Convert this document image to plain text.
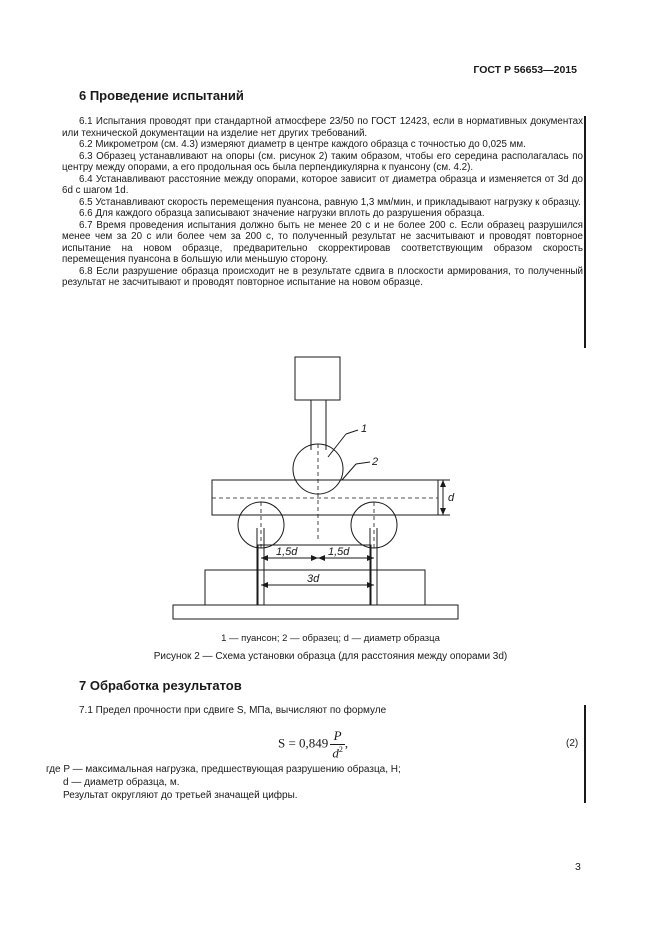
ГОСТ Р 56653—2015
6 Проведение испытаний

6.1 Испытания проводят при стандартной атмосфере 23/50 по ГОСТ 12423, если в нормативных документах или технической документации на изделие нет других требований.

6.2 Микрометром (см. 4.3) измеряют диаметр в центре каждого образца с точностью до 0,025 мм.

6.3 Образец устанавливают на опоры (см. рисунок 2) таким образом, чтобы его середина располагалась по центру между опорами, а его продольная ось была перпендикулярна к пуансону (см. 4.2).

6.4 Устанавливают расстояние между опорами, которое зависит от диаметра образца и изменяется от 3d до 6d с шагом 1d.

6.5 Устанавливают скорость перемещения пуансона, равную 1,3 мм/мин, и прикладывают нагрузку к образцу.

6.6 Для каждого образца записывают значение нагрузки вплоть до разрушения образца.

6.7 Время проведения испытания должно быть не менее 20 с и не более 200 с. Если образец разрушился менее чем за 20 с или более чем за 200 с, то полученный результат не засчитывают и проводят повторное испытание на новом образце, предварительно скорректировав соответствующим образом скорость перемещения пуансона в большую или меньшую сторону.

6.8 Если разрушение образца происходит не в результате сдвига в плоскости армирования, то полученный результат не засчитывают и проводят повторное испытание на новом образце.

1
2
d
1,5d	1,5d
3d
1 — пуансон; 2 — образец; d — диаметр образца
Рисунок 2 — Схема установки образца (для расстояния между опорами 3d)
7 Обработка результатов
7.1 Предел прочности при сдвиге S, МПа, вычисляют по формуле
$S = 0,849 \frac{P}{d^2}$ ,	(2)
где P — максимальная нагрузка, предшествующая разрушению образца, Н;
d — диаметр образца, м.
Результат округляют до третьей значащей цифры.
3
